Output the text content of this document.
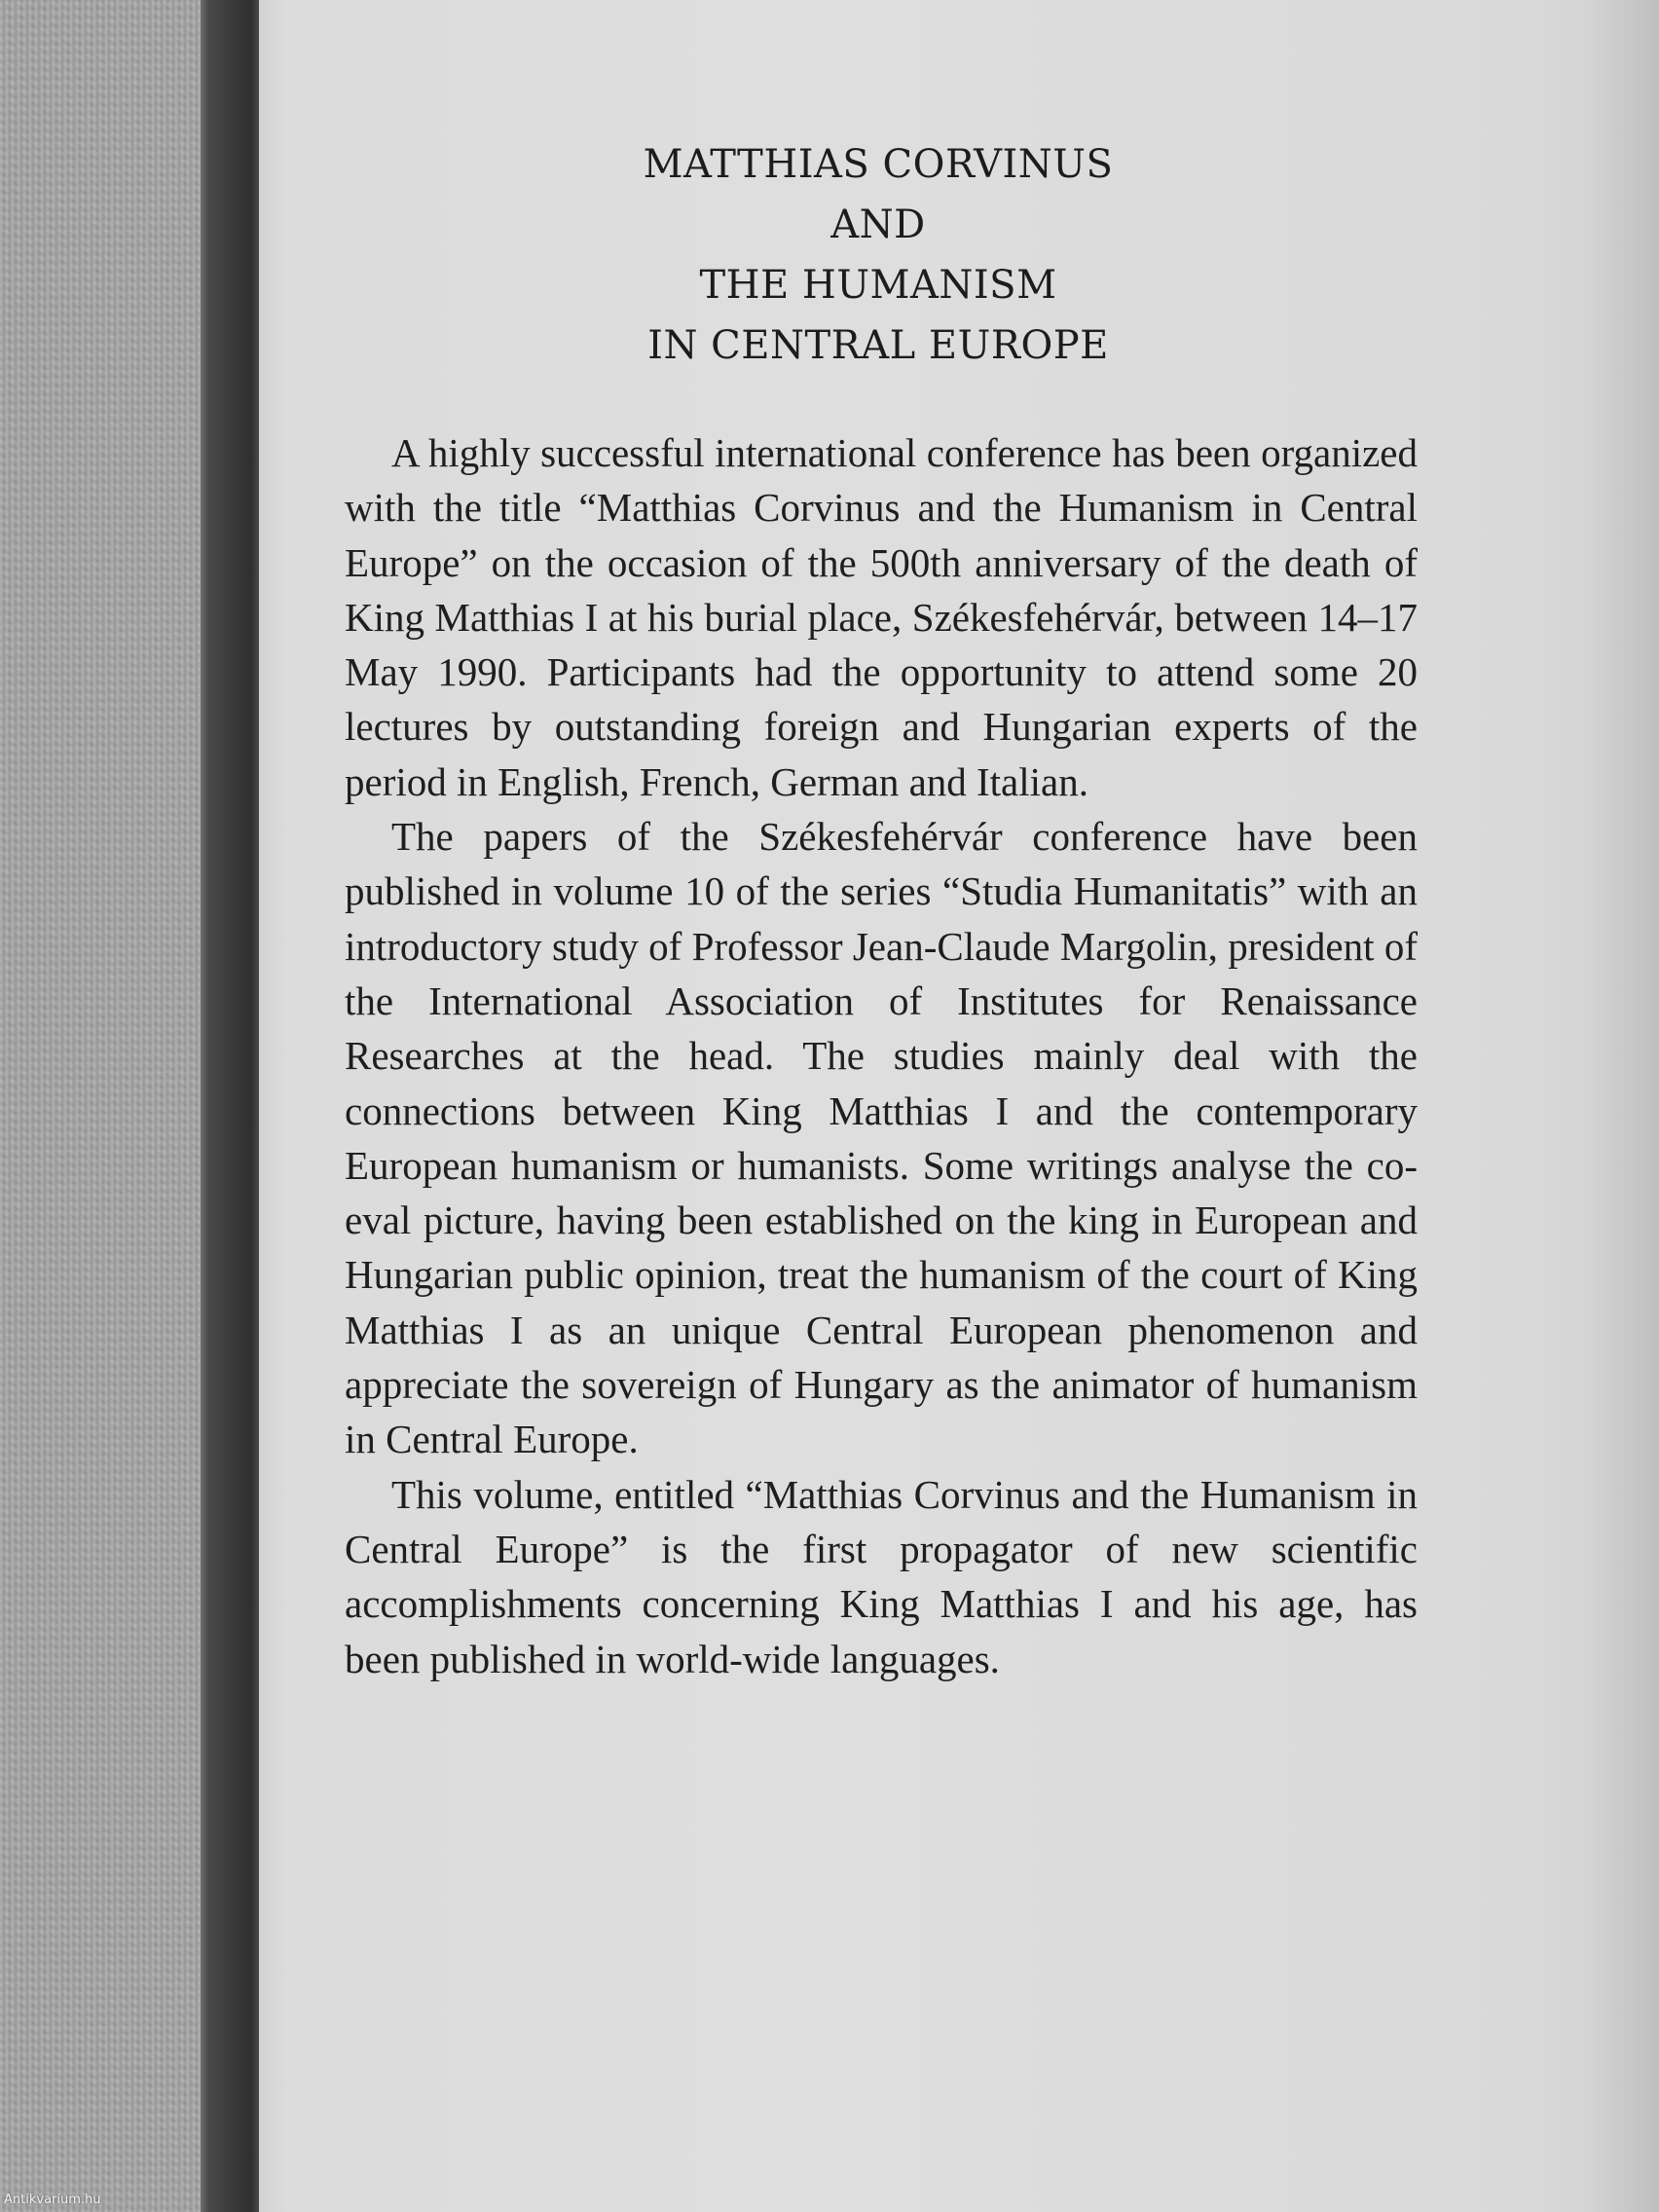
MATTHIAS CORVINUS
AND
THE HUMANISM
IN CENTRAL EUROPE

A highly successful international conference has been organized with the title “Matthias Corvinus and the Humanism in Central Europe” on the occasion of the 500th anniversary of the death of King Matthias I at his burial place, Székesfehérvár, between 14–17 May 1990. Participants had the opportunity to attend some 20 lectures by outstanding foreign and Hungarian experts of the period in English, French, German and Italian.

The papers of the Székesfehérvár conference have been published in volume 10 of the series “Studia Humanitatis” with an introductory study of Professor Jean-Claude Margolin, president of the International Association of Institutes for Renaissance Researches at the head. The studies mainly deal with the connections between King Matthias I and the contemporary European humanism or humanists. Some writings analyse the co-eval picture, having been established on the king in European and Hungarian public opinion, treat the humanism of the court of King Matthias I as an unique Central European phenomenon and appreciate the sovereign of Hungary as the animator of humanism in Central Europe.

This volume, entitled “Matthias Corvinus and the Humanism in Central Europe” is the first propagator of new scientific accomplishments concerning King Matthias I and his age, has been published in world-wide languages.

Antikvarium.hu
